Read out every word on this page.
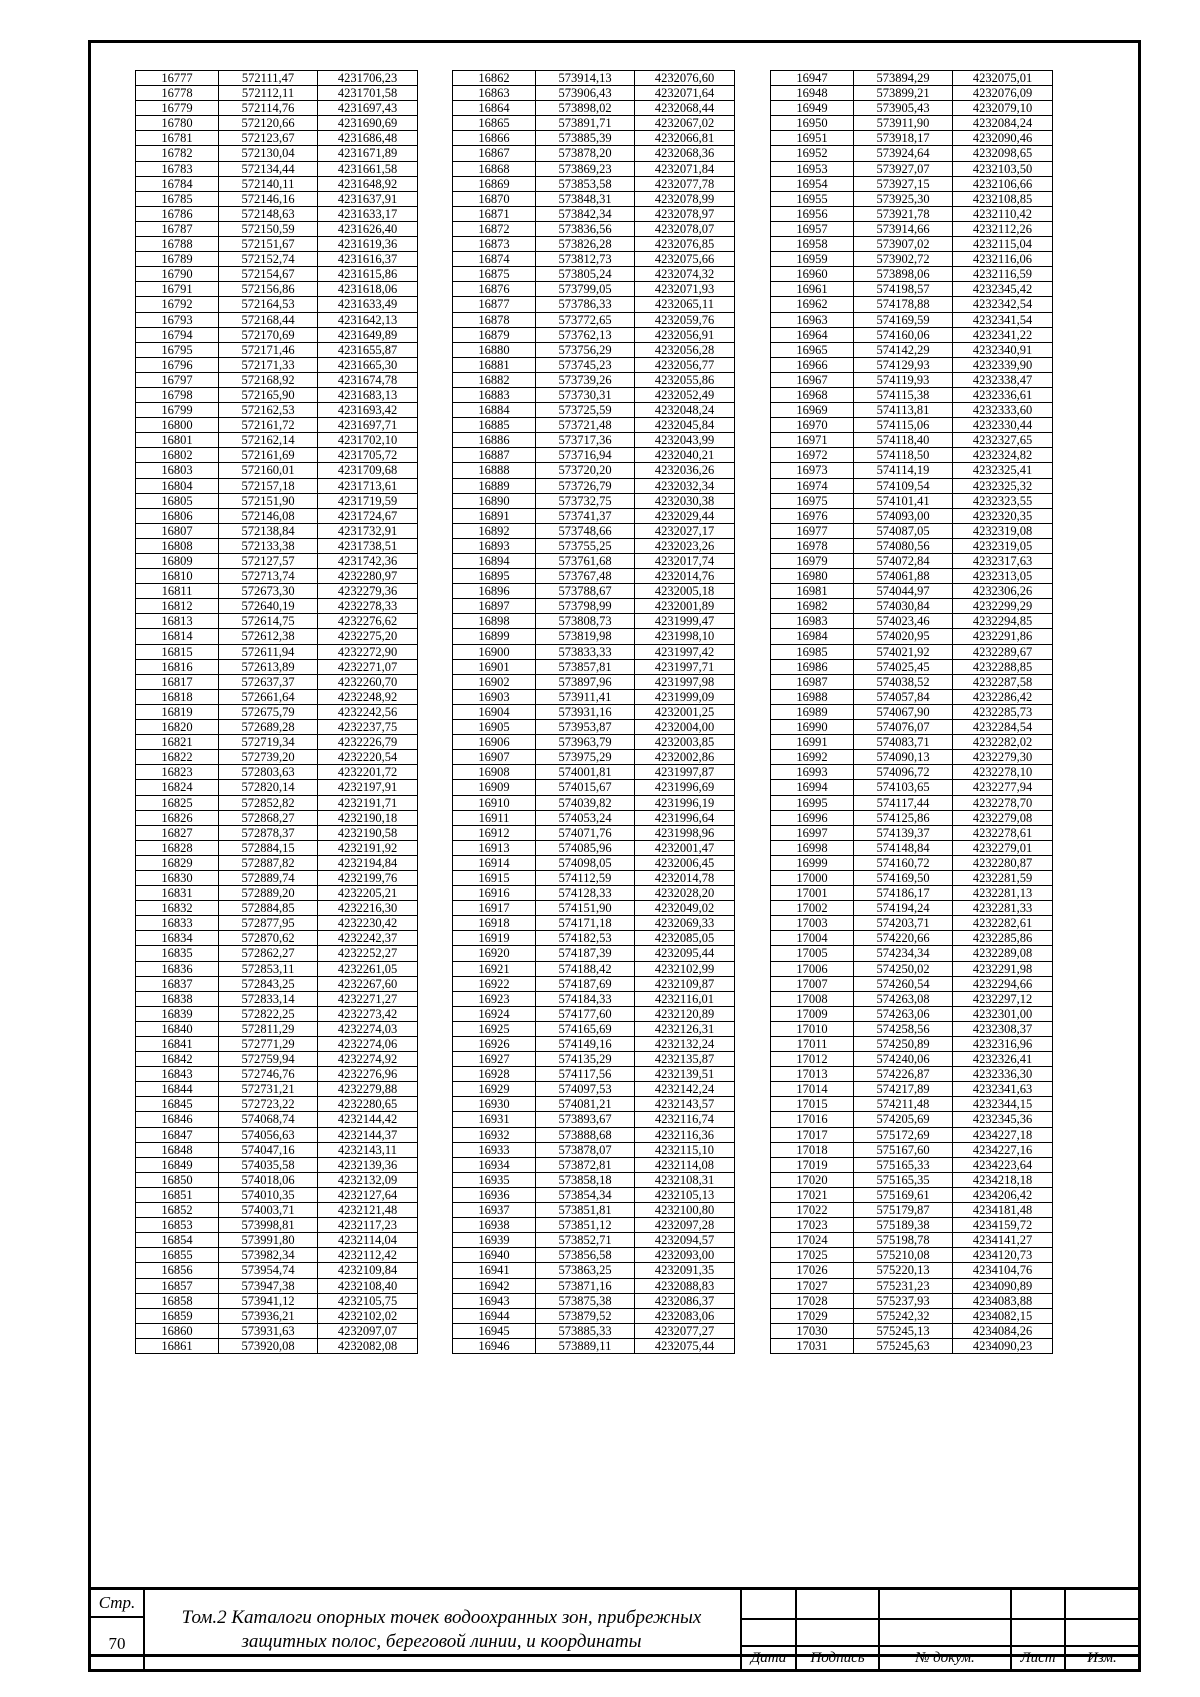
16777	572111,47	4231706,23
16778	572112,11	4231701,58
16779	572114,76	4231697,43
16780	572120,66	4231690,69
16781	572123,67	4231686,48
16782	572130,04	4231671,89
16783	572134,44	4231661,58
16784	572140,11	4231648,92
16785	572146,16	4231637,91
16786	572148,63	4231633,17
16787	572150,59	4231626,40
16788	572151,67	4231619,36
16789	572152,74	4231616,37
16790	572154,67	4231615,86
16791	572156,86	4231618,06
16792	572164,53	4231633,49
16793	572168,44	4231642,13
16794	572170,69	4231649,89
16795	572171,46	4231655,87
16796	572171,33	4231665,30
16797	572168,92	4231674,78
16798	572165,90	4231683,13
16799	572162,53	4231693,42
16800	572161,72	4231697,71
16801	572162,14	4231702,10
16802	572161,69	4231705,72
16803	572160,01	4231709,68
16804	572157,18	4231713,61
16805	572151,90	4231719,59
16806	572146,08	4231724,67
16807	572138,84	4231732,91
16808	572133,38	4231738,51
16809	572127,57	4231742,36
16810	572713,74	4232280,97
16811	572673,30	4232279,36
16812	572640,19	4232278,33
16813	572614,75	4232276,62
16814	572612,38	4232275,20
16815	572611,94	4232272,90
16816	572613,89	4232271,07
16817	572637,37	4232260,70
16818	572661,64	4232248,92
16819	572675,79	4232242,56
16820	572689,28	4232237,75
16821	572719,34	4232226,79
16822	572739,20	4232220,54
16823	572803,63	4232201,72
16824	572820,14	4232197,91
16825	572852,82	4232191,71
16826	572868,27	4232190,18
16827	572878,37	4232190,58
16828	572884,15	4232191,92
16829	572887,82	4232194,84
16830	572889,74	4232199,76
16831	572889,20	4232205,21
16832	572884,85	4232216,30
16833	572877,95	4232230,42
16834	572870,62	4232242,37
16835	572862,27	4232252,27
16836	572853,11	4232261,05
16837	572843,25	4232267,60
16838	572833,14	4232271,27
16839	572822,25	4232273,42
16840	572811,29	4232274,03
16841	572771,29	4232274,06
16842	572759,94	4232274,92
16843	572746,76	4232276,96
16844	572731,21	4232279,88
16845	572723,22	4232280,65
16846	574068,74	4232144,42
16847	574056,63	4232144,37
16848	574047,16	4232143,11
16849	574035,58	4232139,36
16850	574018,06	4232132,09
16851	574010,35	4232127,64
16852	574003,71	4232121,48
16853	573998,81	4232117,23
16854	573991,80	4232114,04
16855	573982,34	4232112,42
16856	573954,74	4232109,84
16857	573947,38	4232108,40
16858	573941,12	4232105,75
16859	573936,21	4232102,02
16860	573931,63	4232097,07
16861	573920,08	4232082,08
16862	573914,13	4232076,60
16863	573906,43	4232071,64
16864	573898,02	4232068,44
16865	573891,71	4232067,02
16866	573885,39	4232066,81
16867	573878,20	4232068,36
16868	573869,23	4232071,84
16869	573853,58	4232077,78
16870	573848,31	4232078,99
16871	573842,34	4232078,97
16872	573836,56	4232078,07
16873	573826,28	4232076,85
16874	573812,73	4232075,66
16875	573805,24	4232074,32
16876	573799,05	4232071,93
16877	573786,33	4232065,11
16878	573772,65	4232059,76
16879	573762,13	4232056,91
16880	573756,29	4232056,28
16881	573745,23	4232056,77
16882	573739,26	4232055,86
16883	573730,31	4232052,49
16884	573725,59	4232048,24
16885	573721,48	4232045,84
16886	573717,36	4232043,99
16887	573716,94	4232040,21
16888	573720,20	4232036,26
16889	573726,79	4232032,34
16890	573732,75	4232030,38
16891	573741,37	4232029,44
16892	573748,66	4232027,17
16893	573755,25	4232023,26
16894	573761,68	4232017,74
16895	573767,48	4232014,76
16896	573788,67	4232005,18
16897	573798,99	4232001,89
16898	573808,73	4231999,47
16899	573819,98	4231998,10
16900	573833,33	4231997,42
16901	573857,81	4231997,71
16902	573897,96	4231997,98
16903	573911,41	4231999,09
16904	573931,16	4232001,25
16905	573953,87	4232004,00
16906	573963,79	4232003,85
16907	573975,29	4232002,86
16908	574001,81	4231997,87
16909	574015,67	4231996,69
16910	574039,82	4231996,19
16911	574053,24	4231996,64
16912	574071,76	4231998,96
16913	574085,96	4232001,47
16914	574098,05	4232006,45
16915	574112,59	4232014,78
16916	574128,33	4232028,20
16917	574151,90	4232049,02
16918	574171,18	4232069,33
16919	574182,53	4232085,05
16920	574187,39	4232095,44
16921	574188,42	4232102,99
16922	574187,69	4232109,87
16923	574184,33	4232116,01
16924	574177,60	4232120,89
16925	574165,69	4232126,31
16926	574149,16	4232132,24
16927	574135,29	4232135,87
16928	574117,56	4232139,51
16929	574097,53	4232142,24
16930	574081,21	4232143,57
16931	573893,67	4232116,74
16932	573888,68	4232116,36
16933	573878,07	4232115,10
16934	573872,81	4232114,08
16935	573858,18	4232108,31
16936	573854,34	4232105,13
16937	573851,81	4232100,80
16938	573851,12	4232097,28
16939	573852,71	4232094,57
16940	573856,58	4232093,00
16941	573863,25	4232091,35
16942	573871,16	4232088,83
16943	573875,38	4232086,37
16944	573879,52	4232083,06
16945	573885,33	4232077,27
16946	573889,11	4232075,44
16947	573894,29	4232075,01
16948	573899,21	4232076,09
16949	573905,43	4232079,10
16950	573911,90	4232084,24
16951	573918,17	4232090,46
16952	573924,64	4232098,65
16953	573927,07	4232103,50
16954	573927,15	4232106,66
16955	573925,30	4232108,85
16956	573921,78	4232110,42
16957	573914,66	4232112,26
16958	573907,02	4232115,04
16959	573902,72	4232116,06
16960	573898,06	4232116,59
16961	574198,57	4232345,42
16962	574178,88	4232342,54
16963	574169,59	4232341,54
16964	574160,06	4232341,22
16965	574142,29	4232340,91
16966	574129,93	4232339,90
16967	574119,93	4232338,47
16968	574115,38	4232336,61
16969	574113,81	4232333,60
16970	574115,06	4232330,44
16971	574118,40	4232327,65
16972	574118,50	4232324,82
16973	574114,19	4232325,41
16974	574109,54	4232325,32
16975	574101,41	4232323,55
16976	574093,00	4232320,35
16977	574087,05	4232319,08
16978	574080,56	4232319,05
16979	574072,84	4232317,63
16980	574061,88	4232313,05
16981	574044,97	4232306,26
16982	574030,84	4232299,29
16983	574023,46	4232294,85
16984	574020,95	4232291,86
16985	574021,92	4232289,67
16986	574025,45	4232288,85
16987	574038,52	4232287,58
16988	574057,84	4232286,42
16989	574067,90	4232285,73
16990	574076,07	4232284,54
16991	574083,71	4232282,02
16992	574090,13	4232279,30
16993	574096,72	4232278,10
16994	574103,65	4232277,94
16995	574117,44	4232278,70
16996	574125,86	4232279,08
16997	574139,37	4232278,61
16998	574148,84	4232279,01
16999	574160,72	4232280,87
17000	574169,50	4232281,59
17001	574186,17	4232281,13
17002	574194,24	4232281,33
17003	574203,71	4232282,61
17004	574220,66	4232285,86
17005	574234,34	4232289,08
17006	574250,02	4232291,98
17007	574260,54	4232294,66
17008	574263,08	4232297,12
17009	574263,06	4232301,00
17010	574258,56	4232308,37
17011	574250,89	4232316,96
17012	574240,06	4232326,41
17013	574226,87	4232336,30
17014	574217,89	4232341,63
17015	574211,48	4232344,15
17016	574205,69	4232345,36
17017	575172,69	4234227,18
17018	575167,60	4234227,16
17019	575165,33	4234223,64
17020	575165,35	4234218,18
17021	575169,61	4234206,42
17022	575179,87	4234181,48
17023	575189,38	4234159,72
17024	575198,78	4234141,27
17025	575210,08	4234120,73
17026	575220,13	4234104,76
17027	575231,23	4234090,89
17028	575237,93	4234083,88
17029	575242,32	4234082,15
17030	575245,13	4234084,26
17031	575245,63	4234090,23
Стр.
70
Том.2 Каталоги опорных точек водоохранных зон, прибрежных
защитных полос, береговой линии, и координаты
Дата	Подпись	№ докум.	Лист	Изм.
